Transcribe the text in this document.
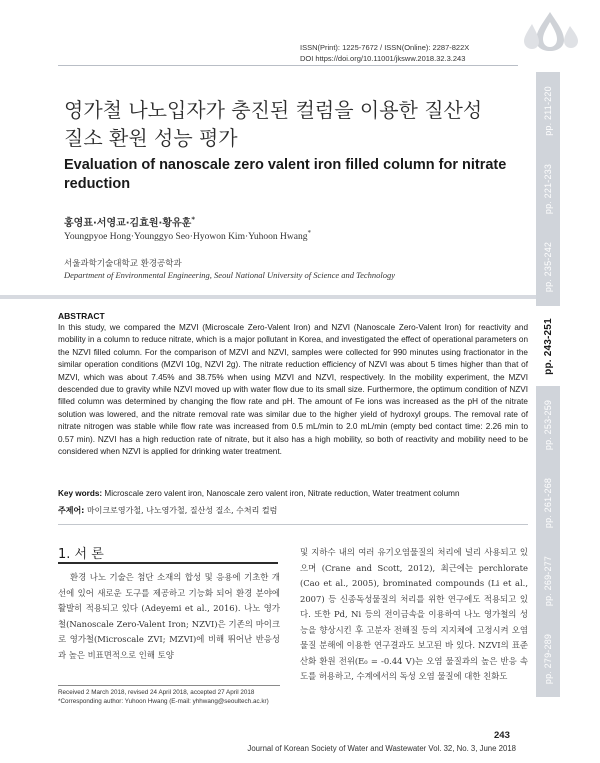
ISSN(Print): 1225-7672 / ISSN(Online): 2287-822X
DOI https://doi.org/10.11001/jksww.2018.32.3.243
pp. 211-220
pp. 221-233
pp. 235-242
pp. 243-251
pp. 253-259
pp. 261-268
pp. 269-277
pp. 279-289
영가철 나노입자가 충진된 컬럼을 이용한 질산성
질소 환원 성능 평가
Evaluation of nanoscale zero valent iron filled column for nitrate reduction
홍영표·서영교·김효원·황유훈*
Youngpyoe Hong·Younggyo Seo·Hyowon Kim·Yuhoon Hwang*
서울과학기술대학교 환경공학과
Department of Environmental Engineering, Seoul National University of Science and Technology
ABSTRACT
In this study, we compared the MZVI (Microscale Zero-Valent Iron) and NZVI (Nanoscale Zero-Valent Iron) for reactivity and mobility in a column to reduce nitrate, which is a major pollutant in Korea, and investigated the effect of operational parameters on the NZVI filled column. For the comparison of MZVI and NZVI, samples were collected for 990 minutes using fractionator in the similar operation conditions (MZVI 10g, NZVI 2g). The nitrate reduction efficiency of NZVI was about 5 times higher than that of MZVI, which was about 7.45% and 38.75% when using MZVI and NZVI, respectively. In the mobility experiment, the MZVI descended due to gravity while NZVI moved up with water flow due to its small size. Furthermore, the optimum condition of NZVI filled column was determined by changing the flow rate and pH. The amount of Fe ions was increased as the pH of the nitrate solution was lowered, and the nitrate removal rate was similar due to the higher yield of hydroxyl groups. The removal rate of nitrate nitrogen was stable while flow rate was increased from 0.5 mL/min to 2.0 mL/min (empty bed contact time: 2.26 min to 0.57 min). NZVI has a high reduction rate of nitrate, but it also has a high mobility, so both of reactivity and mobility need to be considered when NZVI is applied for drinking water treatment.
Key words: Microscale zero valent iron, Nanoscale zero valent iron, Nitrate reduction, Water treatment column
주제어: 마이크로영가철, 나노영가철, 질산성 질소, 수처리 컬럼
1. 서 론
환경 나노 기술은 첨단 소재의 합성 및 응용에 기초한 개선에 있어 새로운 도구를 제공하고 기능화 되어 환경 분야에 활발히 적용되고 있다 (Adeyemi et al., 2016). 나노 영가철(Nanoscale Zero-Valent Iron; NZVI)은 기존의 마이크로 영가철(Microscale ZVI; MZVI)에 비해 뛰어난 반응성과 높은 비표면적으로 인해 토양
및 지하수 내의 여러 유기오염물질의 처리에 널리 사용되고 있으며 (Crane and Scott, 2012), 최근에는 perchlorate (Cao et al., 2005), brominated compounds (Li et al., 2007) 등 신종독성물질의 처리를 위한 연구에도 적용되고 있다. 또한 Pd, Ni 등의 전이금속을 이용하여 나노 영가철의 성능을 향상시킨 후 고분자 전해질 등의 지지체에 고정시켜 오염물질 분해에 이용한 연구결과도 보고된 바 있다. NZVI의 표준 산화 환원 전위(E₀ = -0.44 V)는 오염 물질과의 높은 반응 속도를 허용하고, 수계에서의 독성 오염 물질에 대한 친화도
Received 2 March 2018, revised 24 April 2018, accepted 27 April 2018
*Corresponding author: Yuhoon Hwang (E-mail: yhhwang@seoultech.ac.kr)
243
Journal of Korean Society of Water and Wastewater Vol. 32, No. 3, June 2018
